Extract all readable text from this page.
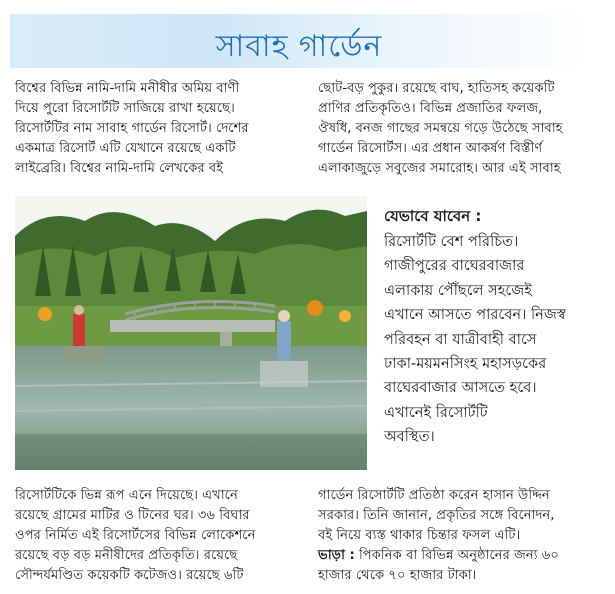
সাবাহ গার্ডেন

বিশ্বের বিভিন্ন নামি-দামি মনীষীর অমিয় বাণী

দিয়ে পুরো রিসোর্টটি সাজিয়ে রাখা হয়েছে।

রিসোর্টটির নাম সাবাহ গার্ডেন রিসোর্ট। দেশের

একমাত্র রিসোর্ট এটি যেখানে রয়েছে একটি

লাইব্রেরি। বিশ্বের নামি-দামি লেখকের বই

ছোট-বড় পুকুর। রয়েছে বাঘ, হাতিসহ কয়েকটি

প্রাণির প্রতিকৃতিও। বিভিন্ন প্রজাতির ফলজ,

ঔষধি, বনজ গাছের সমন্বয়ে গড়ে উঠেছে সাবাহ

গার্ডেন রিসোর্টস। এর প্রধান আকর্ষণ বিস্তীর্ণ

এলাকাজুড়ে সবুজের সমারোহ। আর এই সাবাহ

যেভাবে যাবেন :

রিসোর্টটি বেশ পরিচিত।

গাজীপুরের বাঘেরবাজার

এলাকায় পৌঁছলে সহজেই

এখানে আসতে পারবেন। নিজস্ব

পরিবহন বা যাত্রীবাহী বাসে

ঢাকা-ময়মনসিংহ মহাসড়কের

বাঘেরবাজার আসতে হবে।

এখানেই রিসোর্টটি

অবস্থিত।

রিসোর্টটিকে ভিন্ন রূপ এনে দিয়েছে। এখানে

রয়েছে গ্রামের মাটির ও টিনের ঘর। ৩৬ বিঘার

ওপর নির্মিত এই রিসোর্টসের বিভিন্ন লোকেশনে

রয়েছে বড় বড় মনীষীদের প্রতিকৃতি। রয়েছে

সৌন্দর্যমণ্ডিত কয়েকটি কটেজও। রয়েছে ৬টি

গার্ডেন রিসোর্টটি প্রতিষ্ঠা করেন হাসান উদ্দিন

সরকার। তিনি জানান, প্রকৃতির সঙ্গে বিনোদন,

বই নিয়ে ব্যস্ত থাকার চিন্তার ফসল এটি।

ভাড়া : পিকনিক বা বিভিন্ন অনুষ্ঠানের জন্য ৬০

হাজার থেকে ৭০ হাজার টাকা।
